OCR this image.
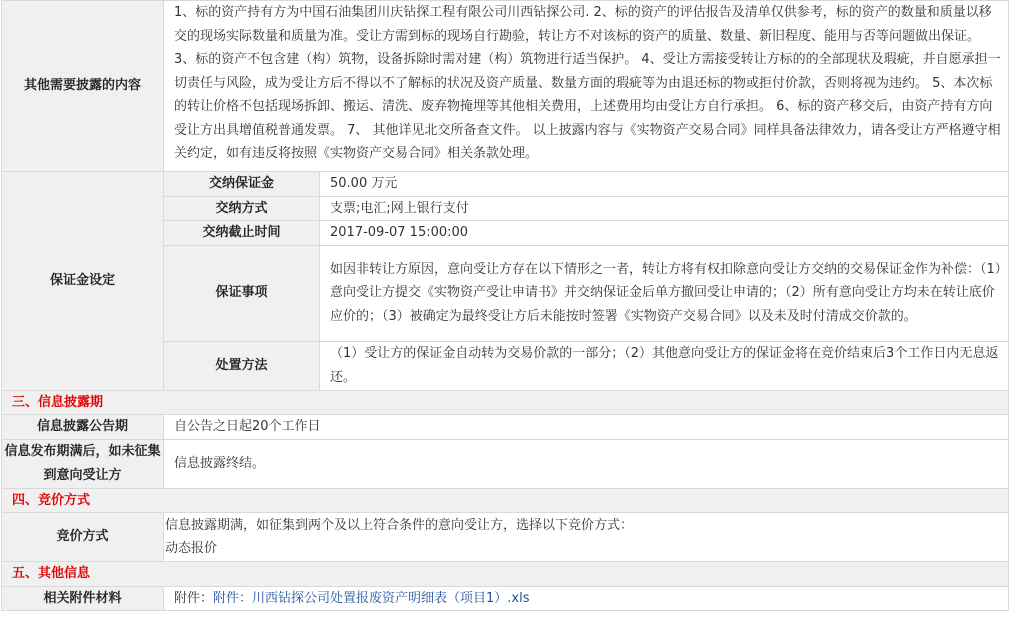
其他需要披露的内容	1、标的资产持有方为中国石油集团川庆钻探工程有限公司川西钻探公司. 2、标的资产的评估报告及清单仅供参考，标的资产的数量和质量以移交的现场实际数量和质量为准。受让方需到标的现场自行勘验，转让方不对该标的资产的质量、数量、新旧程度、能用与否等问题做出保证。 3、标的资产不包含建（构）筑物，设备拆除时需对建（构）筑物进行适当保护。 4、受让方需接受转让方标的的全部现状及瑕疵，并自愿承担一切责任与风险，成为受让方后不得以不了解标的状况及资产质量、数量方面的瑕疵等为由退还标的物或拒付价款，否则将视为违约。 5、本次标的转让价格不包括现场拆卸、搬运、清洗、废弃物掩埋等其他相关费用，上述费用均由受让方自行承担。 6、标的资产移交后，由资产持有方向受让方出具增值税普通发票。 7、 其他详见北交所备查文件。 以上披露内容与《实物资产交易合同》同样具备法律效力，请各受让方严格遵守相关约定，如有违反将按照《实物资产交易合同》相关条款处理。	
保证金设定	交纳保证金	50.00 万元
	交纳方式	支票;电汇;网上银行支付
	交纳截止时间	2017-09-07 15:00:00
	保证事项	如因非转让方原因，意向受让方存在以下情形之一者，转让方将有权扣除意向受让方交纳的交易保证金作为补偿：（1）意向受让方提交《实物资产受让申请书》并交纳保证金后单方撤回受让申请的；（2）所有意向受让方均未在转让底价应价的；（3）被确定为最终受让方后未能按时签署《实物资产交易合同》以及未及时付清成交价款的。
	处置方法	（1）受让方的保证金自动转为交易价款的一部分；（2）其他意向受让方的保证金将在竞价结束后3个工作日内无息返还。
三、信息披露期		
信息披露公告期	自公告之日起20个工作日	
信息发布期满后，如未征集到意向受让方	信息披露终结。	
四、竞价方式		
竞价方式	信息披露期满，如征集到两个及以上符合条件的意向受让方，选择以下竞价方式：
动态报价	

五、其他信息		
相关附件材料	附件：附件：川西钻探公司处置报废资产明细表（项目1）.xls	
